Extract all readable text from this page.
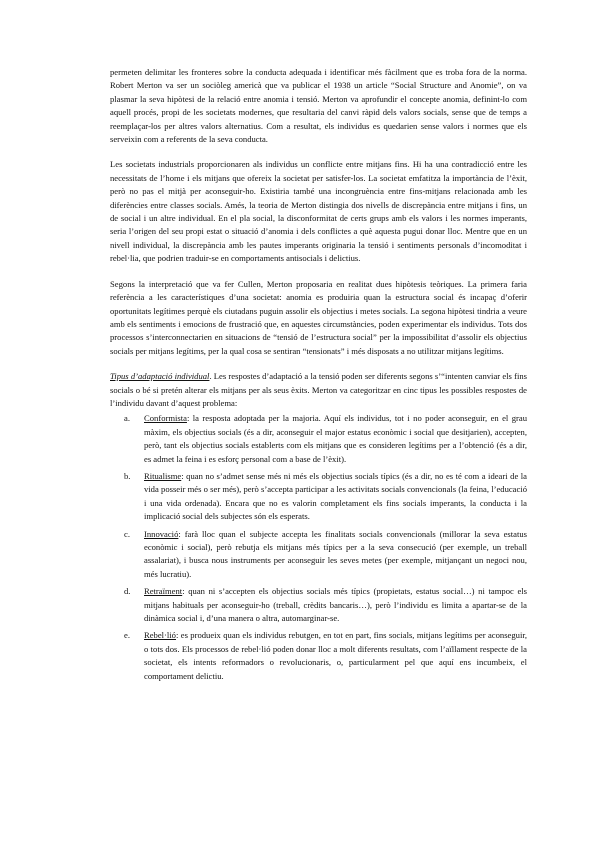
permeten delimitar les fronteres sobre la conducta adequada i identificar més fàcilment que es troba fora de la norma. Robert Merton va ser un sociòleg americà que va publicar el 1938 un article “Social Structure and Anomie”, on va plasmar la seva hipòtesi de la relació entre anomia i tensió. Merton va aprofundir el concepte anomia, definint-lo com aquell procés, propi de les societats modernes, que resultaria del canvi ràpid dels valors socials, sense que de temps a reemplaçar-los per altres valors alternatius. Com a resultat, els individus es quedarien sense valors i normes que els serveixin com a referents de la seva conducta.

Les societats industrials proporcionaren als individus un conflicte entre mitjans fins. Hi ha una contradicció entre les necessitats de l’home i els mitjans que ofereix la societat per satisfer-los. La societat emfatitza la importància de l’èxit, però no pas el mitjà per aconseguir-ho. Existiria també una incongruència entre fins-mitjans relacionada amb les diferències entre classes socials. Amés, la teoria de Merton distingia dos nivells de discrepància entre mitjans i fins, un de social i un altre individual. En el pla social, la disconformitat de certs grups amb els valors i les normes imperants, seria l’origen del seu propi estat o situació d’anomia i dels conflictes a què aquesta pugui donar lloc. Mentre que en un nivell individual, la discrepància amb les pautes imperants originaria la tensió i sentiments personals d’incomoditat i rebel·lia, que podrien traduir-se en comportaments antisocials i delictius.

Segons la interpretació que va fer Cullen, Merton proposaria en realitat dues hipòtesis teòriques. La primera faria referència a les característiques d’una societat: anomia es produiria quan la estructura social és incapaç d’oferir oportunitats legítimes perquè els ciutadans puguin assolir els objectius i metes socials. La segona hipòtesi tindria a veure amb els sentiments i emocions de frustració que, en aquestes circumstàncies, poden experimentar els individus. Tots dos processos s’interconnectarien en situacions de “tensió de l’estructura social” per la impossibilitat d’assolir els objectius socials per mitjans legítims, per la qual cosa se sentiran “tensionats” i més disposats a no utilitzar mitjans legítims.

Tipus d’adaptació individual. Les respostes d’adaptació a la tensió poden ser diferents segons s’“intenten canviar els fins socials o bé si pretén alterar els mitjans per als seus èxits. Merton va categoritzar en cinc tipus les possibles respostes de l’individu davant d’aquest problema:

a.	Conformista: la resposta adoptada per la majoria. Aquí els individus, tot i no poder aconseguir, en el grau màxim, els objectius socials (és a dir, aconseguir el major estatus econòmic i social que desitjarien), accepten, però, tant els objectius socials establerts com els mitjans que es consideren legítims per a l’obtenció (és a dir, es admet la feina i es esforç personal com a base de l’èxit).
b.	Ritualisme: quan no s’admet sense més ni més els objectius socials típics (és a dir, no es té com a ideari de la vida posseir més o ser més), però s’accepta participar a les activitats socials convencionals (la feina, l’educació i una vida ordenada). Encara que no es valorin completament els fins socials imperants, la conducta i la implicació social dels subjectes són els esperats.
c.	Innovació: farà lloc quan el subjecte accepta les finalitats socials convencionals (millorar la seva estatus econòmic i social), però rebutja els mitjans més típics per a la seva consecució (per exemple, un treball assalariat), i busca nous instruments per aconseguir les seves metes (per exemple, mitjançant un negoci nou, més lucratiu).
d.	Retraïment: quan ni s’accepten els objectius socials més típics (propietats, estatus social…) ni tampoc els mitjans habituals per aconseguir-ho (treball, crèdits bancaris…), però l’individu es limita a apartar-se de la dinàmica social i, d’una manera o altra, automarginar-se.
e.	Rebel·lió: es produeix quan els individus rebutgen, en tot en part, fins socials, mitjans legítims per aconseguir, o tots dos. Els processos de rebel·lió poden donar lloc a molt diferents resultats, com l’aïllament respecte de la societat, els intents reformadors o revolucionaris, o, particularment pel que aquí ens incumbeix, el comportament delictiu.
